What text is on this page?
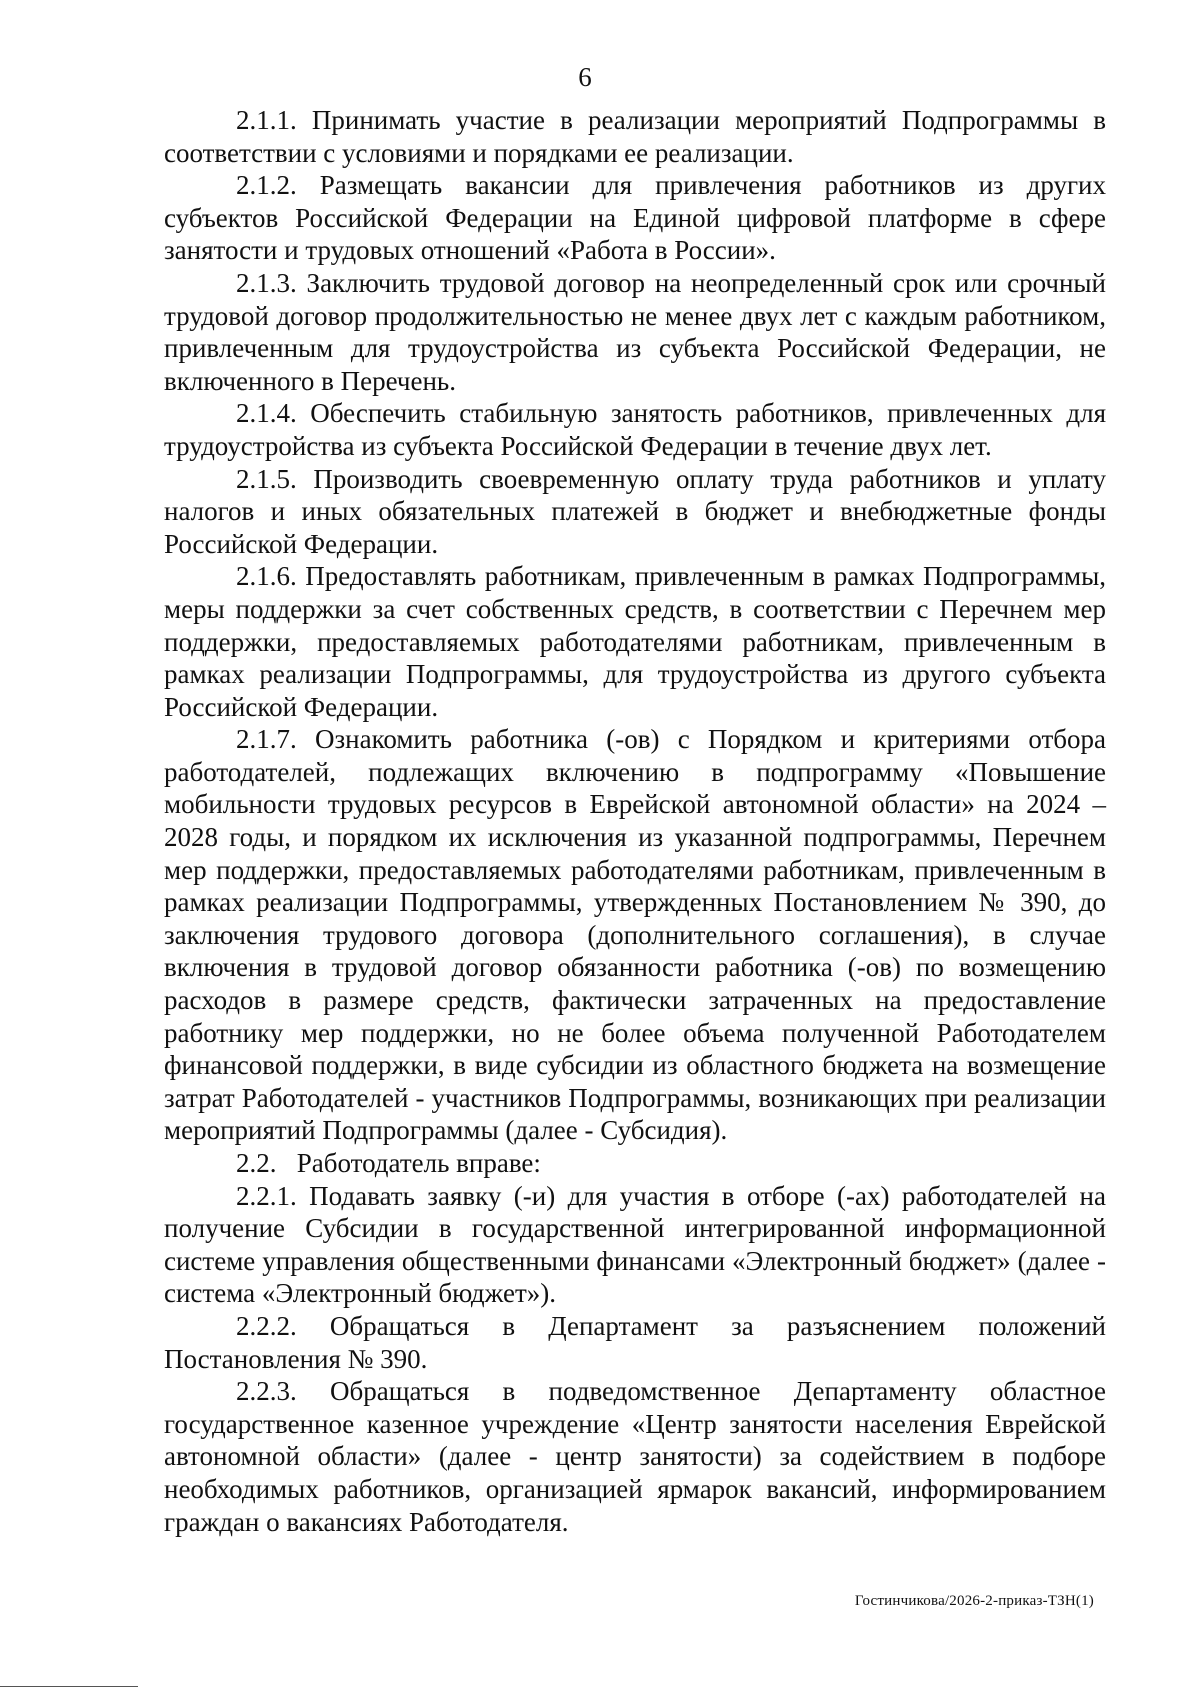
6

2.1.1. Принимать участие в реализации мероприятий Подпрограммы в соответствии с условиями и порядками ее реализации.

2.1.2. Размещать вакансии для привлечения работников из других субъектов Российской Федерации на Единой цифровой платформе в сфере занятости и трудовых отношений «Работа в России».

2.1.3. Заключить трудовой договор на неопределенный срок или срочный трудовой договор продолжительностью не менее двух лет с каждым работником, привлеченным для трудоустройства из субъекта Российской Федерации, не включенного в Перечень.

2.1.4. Обеспечить стабильную занятость работников, привлеченных для трудоустройства из субъекта Российской Федерации в течение двух лет.

2.1.5. Производить своевременную оплату труда работников и уплату налогов и иных обязательных платежей в бюджет и внебюджетные фонды Российской Федерации.

2.1.6. Предоставлять работникам, привлеченным в рамках Подпрограммы, меры поддержки за счет собственных средств, в соответствии с Перечнем мер поддержки, предоставляемых работодателями работникам, привлеченным в рамках реализации Подпрограммы, для трудоустройства из другого субъекта Российской Федерации.

2.1.7. Ознакомить работника (-ов) с Порядком и критериями отбора работодателей, подлежащих включению в подпрограмму «Повышение мобильности трудовых ресурсов в Еврейской автономной области» на 2024 – 2028 годы, и порядком их исключения из указанной подпрограммы, Перечнем мер поддержки, предоставляемых работодателями работникам, привлеченным в рамках реализации Подпрограммы, утвержденных Постановлением № 390, до заключения трудового договора (дополнительного соглашения), в случае включения в трудовой договор обязанности работника (-ов) по возмещению расходов в размере средств, фактически затраченных на предоставление работнику мер поддержки, но не более объема полученной Работодателем финансовой поддержки, в виде субсидии из областного бюджета на возмещение затрат Работодателей - участников Подпрограммы, возникающих при реализации мероприятий Подпрограммы (далее - Субсидия).

2.2.   Работодатель вправе:

2.2.1. Подавать заявку (-и) для участия в отборе (-ах) работодателей на получение Субсидии в государственной интегрированной информационной системе управления общественными финансами «Электронный бюджет» (далее - система «Электронный бюджет»).

2.2.2. Обращаться в Департамент за разъяснением положений Постановления № 390.

2.2.3. Обращаться в подведомственное Департаменту областное государственное казенное учреждение «Центр занятости населения Еврейской автономной области» (далее - центр занятости) за содействием в подборе необходимых работников, организацией ярмарок вакансий, информированием граждан о вакансиях Работодателя.

Гостинчикова/2026-2-приказ-ТЗН(1)
